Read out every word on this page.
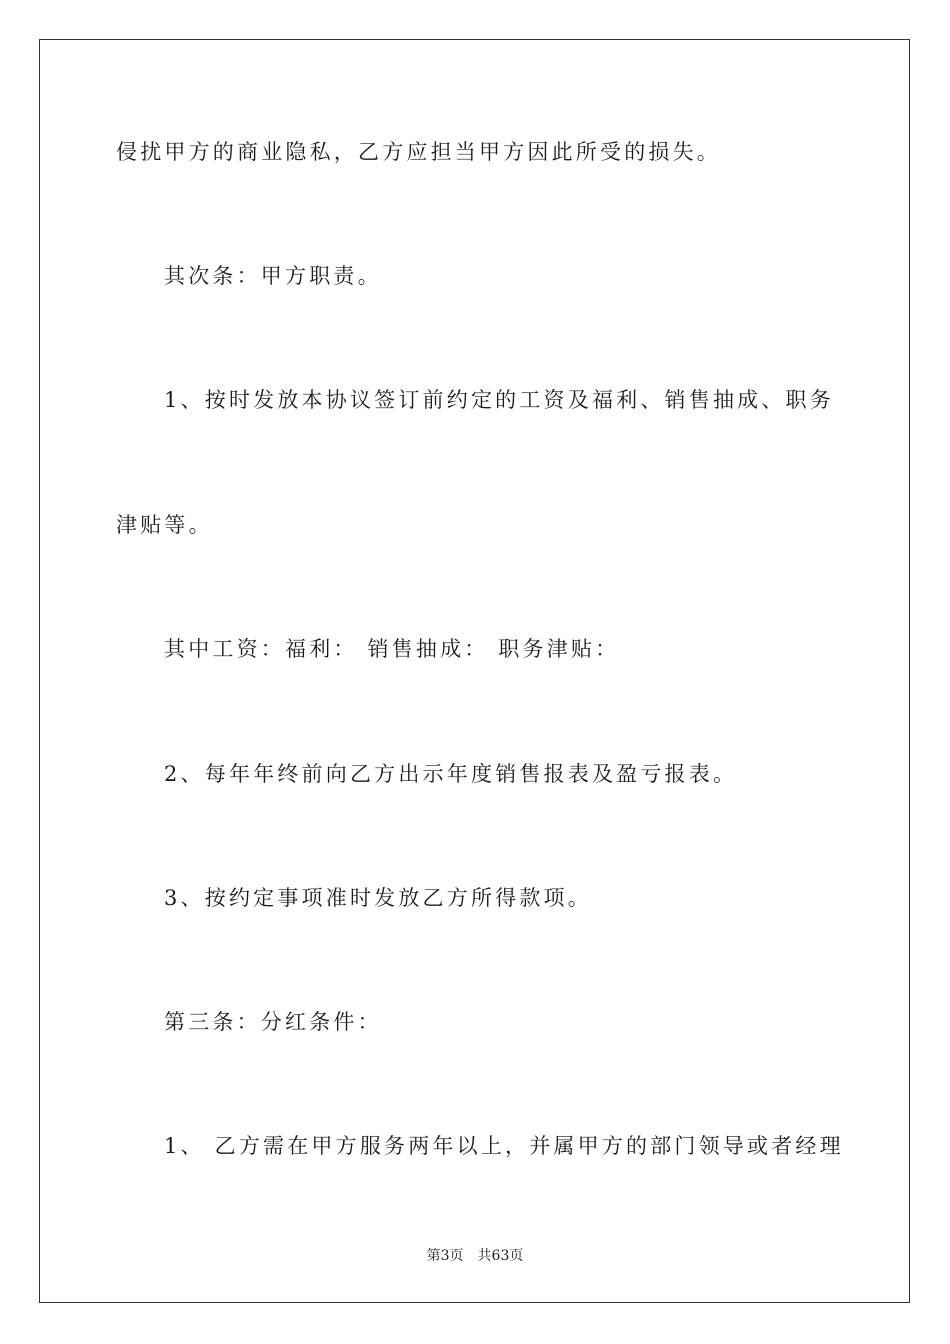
侵扰甲方的商业隐私，乙方应担当甲方因此所受的损失。
其次条：甲方职责。
1、按时发放本协议签订前约定的工资及福利、销售抽成、职务
津贴等。
其中工资：福利： 销售抽成： 职务津贴：
2、每年年终前向乙方出示年度销售报表及盈亏报表。
3、按约定事项准时发放乙方所得款项。
第三条：分红条件：
1、 乙方需在甲方服务两年以上，并属甲方的部门领导或者经理
第3页 共63页
